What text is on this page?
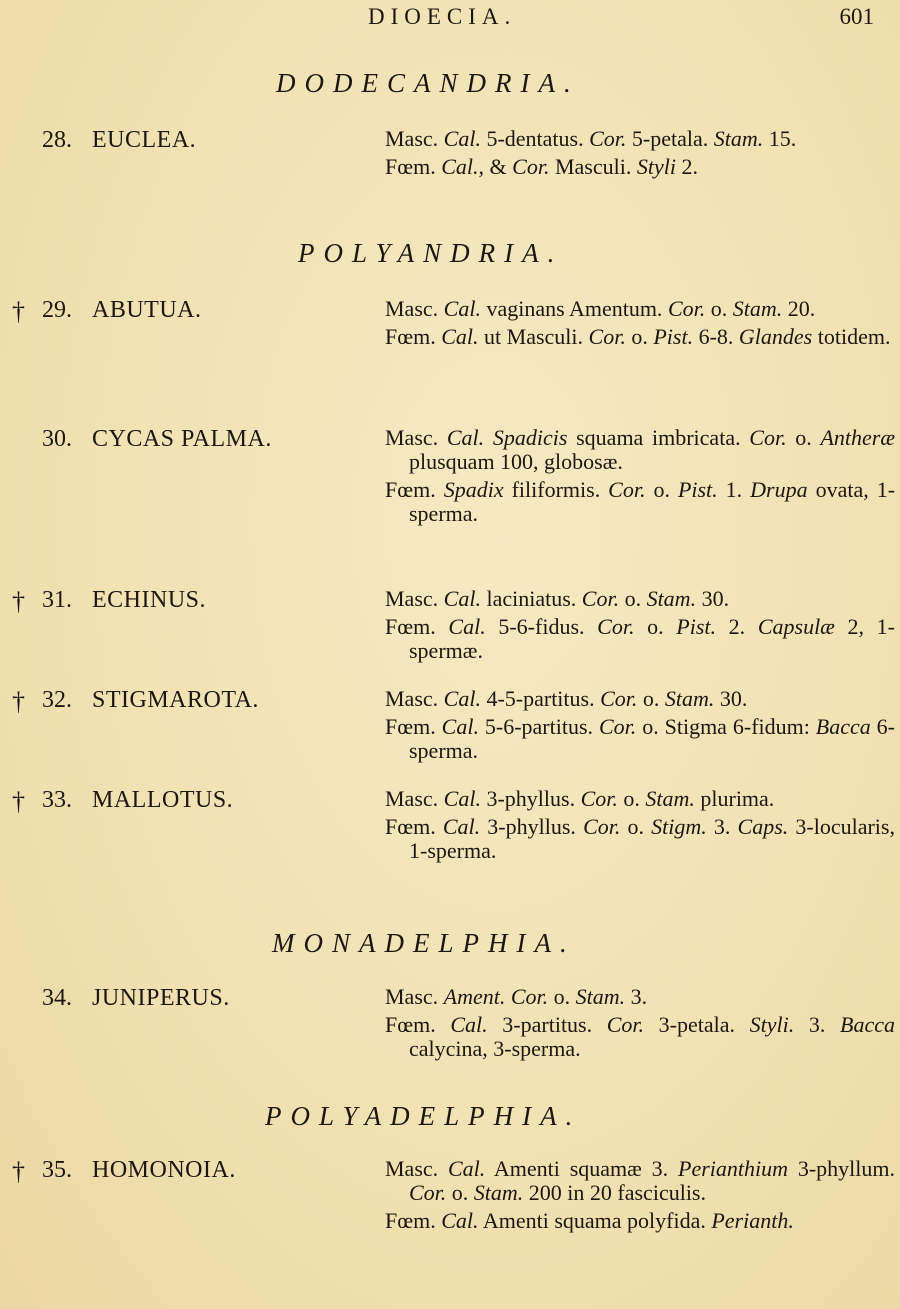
DIOECIA.	601
DODECANDRIA.
POLYANDRIA.
MONADELPHIA.
POLYADELPHIA.
28. EUCLEA.	Masc. Cal. 5-dentatus. Cor. 5-petala. Stam. 15.

Fœm. Cal., & Cor. Masculi. Styli 2.

† 29. ABUTUA.	Masc. Cal. vaginans Amentum. Cor. o. Stam. 20.

Fœm. Cal. ut Masculi. Cor. o. Pist. 6-8. Glandes totidem.

30. CYCAS PALMA.	Masc. Cal. Spadicis squama imbricata. Cor. o. Antheræ plusquam 100, globosæ.

Fœm. Spadix filiformis. Cor. o. Pist. 1. Drupa ovata, 1-sperma.

† 31. ECHINUS.	Masc. Cal. laciniatus. Cor. o. Stam. 30.

Fœm. Cal. 5-6-fidus. Cor. o. Pist. 2. Capsulæ 2, 1-spermæ.

† 32. STIGMAROTA.	Masc. Cal. 4-5-partitus. Cor. o. Stam. 30.

Fœm. Cal. 5-6-partitus. Cor. o. Stigma 6-fidum: Bacca 6-sperma.

† 33. MALLOTUS.	Masc. Cal. 3-phyllus. Cor. o. Stam. plurima.

Fœm. Cal. 3-phyllus. Cor. o. Stigm. 3. Caps. 3-locularis, 1-sperma.

34. JUNIPERUS.	Masc. Ament. Cor. o. Stam. 3.

Fœm. Cal. 3-partitus. Cor. 3-petala. Styli. 3. Bacca calycina, 3-sperma.

† 35. HOMONOIA.	Masc. Cal. Amenti squamæ 3. Perianthium 3-phyllum. Cor. o. Stam. 200 in 20 fasciculis.

Fœm. Cal. Amenti squama polyfida. Perianth.
